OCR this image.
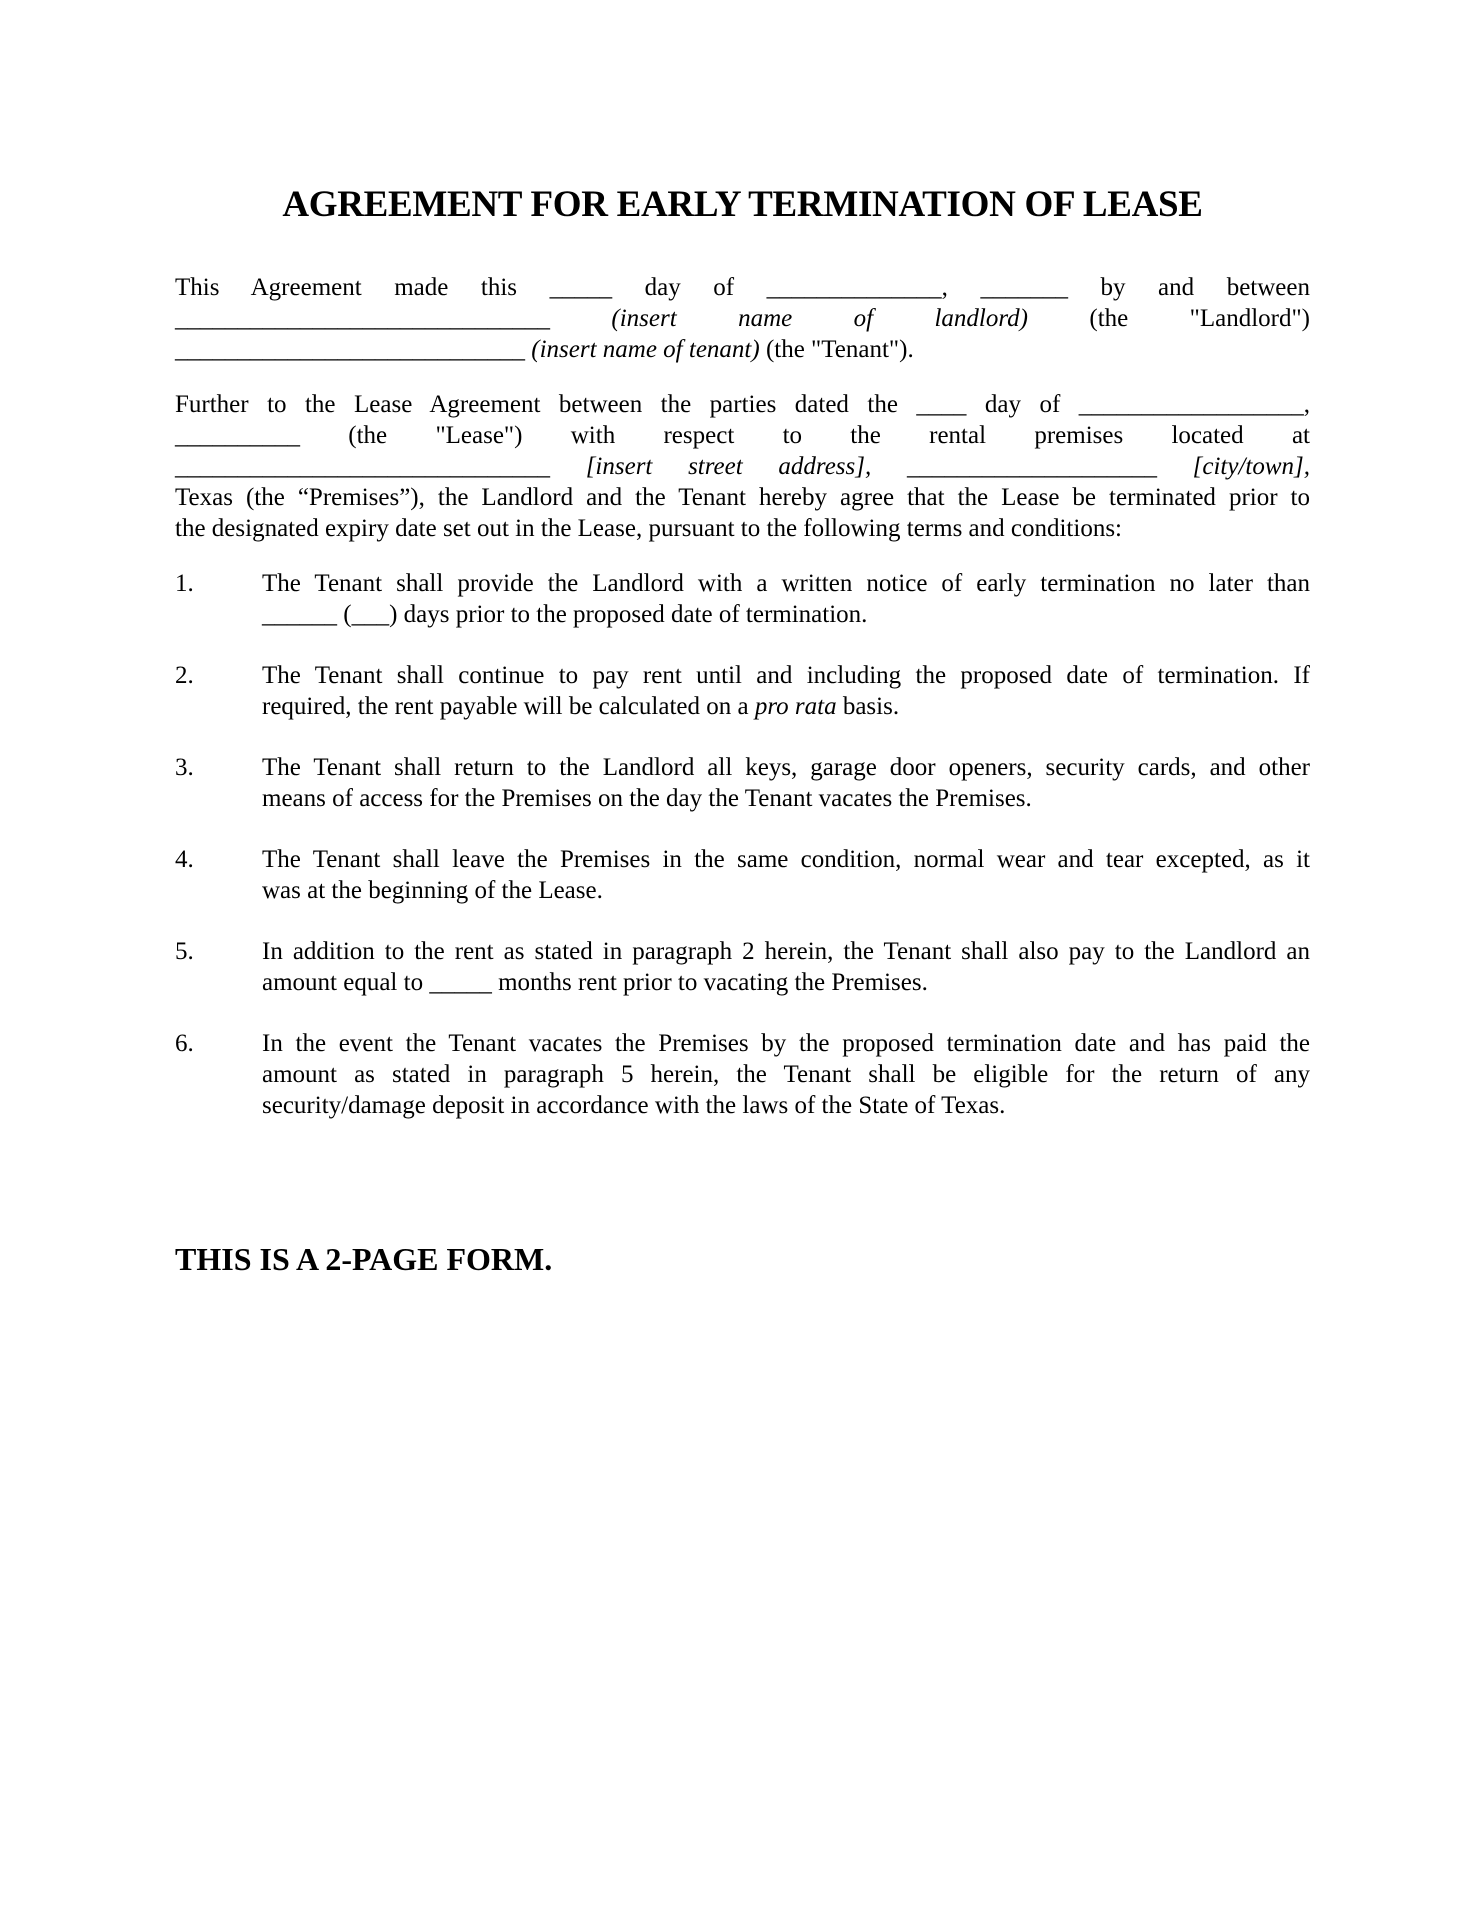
AGREEMENT FOR EARLY TERMINATION OF LEASE
This Agreement made this _____ day of ______________, _______ by and between
______________________________ (insert name of landlord) (the "Landlord")
____________________________ (insert name of tenant) (the "Tenant").
Further to the Lease Agreement between the parties dated the ____ day of __________________,
__________ (the "Lease") with respect to the rental premises located at
______________________________ [insert street address], ____________________ [city/town],
Texas (the “Premises”), the Landlord and the Tenant hereby agree that the Lease be terminated prior to
the designated expiry date set out in the Lease, pursuant to the following terms and conditions:
1.	The Tenant shall provide the Landlord with a written notice of early termination no later than
______ (___) days prior to the proposed date of termination.
2.	The Tenant shall continue to pay rent until and including the proposed date of termination. If
required, the rent payable will be calculated on a pro rata basis.
3.	The Tenant shall return to the Landlord all keys, garage door openers, security cards, and other
means of access for the Premises on the day the Tenant vacates the Premises.
4.	The Tenant shall leave the Premises in the same condition, normal wear and tear excepted, as it
was at the beginning of the Lease.
5.	In addition to the rent as stated in paragraph 2 herein, the Tenant shall also pay to the Landlord an
amount equal to _____ months rent prior to vacating the Premises.
6.	In the event the Tenant vacates the Premises by the proposed termination date and has paid the
amount as stated in paragraph 5 herein, the Tenant shall be eligible for the return of any
security/damage deposit in accordance with the laws of the State of Texas.
THIS IS A 2-PAGE FORM.
